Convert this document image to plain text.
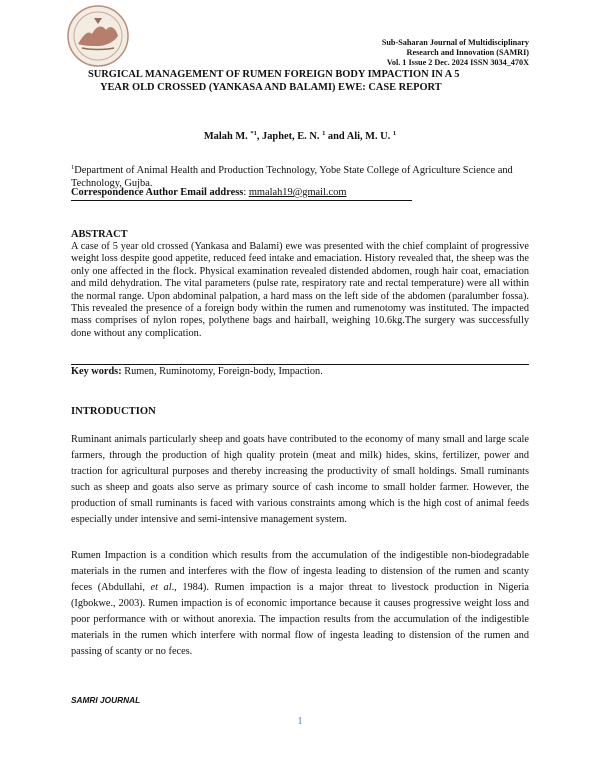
Sub-Saharan Journal of Multidisciplinary
Research and Innovation (SAMRI)
Vol. 1 Issue 2 Dec. 2024 ISSN 3034_470X
SURGICAL MANAGEMENT OF RUMEN FOREIGN BODY IMPACTION IN A 5
YEAR OLD CROSSED (YANKASA AND BALAMI) EWE: CASE REPORT
Malah M. $^{*1}$, Japhet, E. N. $^1$ and Ali, M. U. $^1$
$^1$Department of Animal Health and Production Technology, Yobe State College of Agriculture Science and Technology, Gujba.
Correspondence Author Email address: mmalah19@gmail.com
ABSTRACT
A case of 5 year old crossed (Yankasa and Balami) ewe was presented with the chief complaint of progressive weight loss despite good appetite, reduced feed intake and emaciation. History revealed that, the sheep was the only one affected in the flock. Physical examination revealed distended abdomen, rough hair coat, emaciation and mild dehydration. The vital parameters (pulse rate, respiratory rate and rectal temperature) were all within the normal range. Upon abdominal palpation, a hard mass on the left side of the abdomen (paralumber fossa). This revealed the presence of a foreign body within the rumen and rumenotomy was instituted. The impacted mass comprises of nylon ropes, polythene bags and hairball, weighing 10.6kg.The surgery was successfully done without any complication.
Key words: Rumen, Ruminotomy, Foreign-body, Impaction.
INTRODUCTION
Ruminant animals particularly sheep and goats have contributed to the economy of many small and large scale farmers, through the production of high quality protein (meat and milk) hides, skins, fertilizer, power and traction for agricultural purposes and thereby increasing the productivity of small holdings. Small ruminants such as sheep and goats also serve as primary source of cash income to small holder farmer. However, the production of small ruminants is faced with various constraints among which is the high cost of animal feeds especially under intensive and semi-intensive management system.
Rumen Impaction is a condition which results from the accumulation of the indigestible non-biodegradable materials in the rumen and interferes with the flow of ingesta leading to distension of the rumen and scanty feces (Abdullahi, et al., 1984). Rumen impaction is a major threat to livestock production in Nigeria (Igbokwe., 2003). Rumen impaction is of economic importance because it causes progressive weight loss and poor performance with or without anorexia. The impaction results from the accumulation of the indigestible materials in the rumen which interfere with normal flow of ingesta leading to distension of the rumen and passing of scanty or no feces.
SAMRI JOURNAL
1
